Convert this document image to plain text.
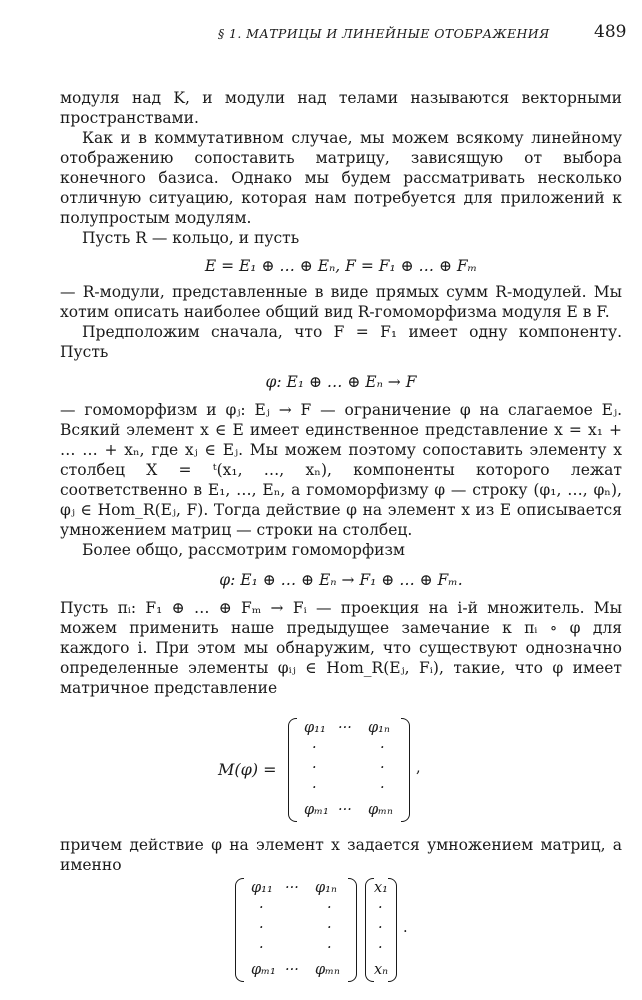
§ 1. МАТРИЦЫ И ЛИНЕЙНЫЕ ОТОБРАЖЕНИЯ	489

модуля над K, и модули над телами называются векторными пространствами.

Как и в коммутативном случае, мы можем всякому линейному отображению сопоставить матрицу, зависящую от выбора конечного базиса. Однако мы будем рассматривать несколько отличную ситуацию, которая нам потребуется для приложений к полупростым модулям.

Пусть R — кольцо, и пусть

E = E₁ ⊕ … ⊕ Eₙ, F = F₁ ⊕ … ⊕ Fₘ

— R-модули, представленные в виде прямых сумм R-модулей. Мы хотим описать наиболее общий вид R-гомоморфизма модуля E в F.

Предположим сначала, что F = F₁ имеет одну компоненту. Пусть

φ: E₁ ⊕ … ⊕ Eₙ → F

— гомоморфизм и φⱼ: Eⱼ → F — ограничение φ на слагаемое Eⱼ. Всякий элемент x ∈ E имеет единственное представление x = x₁ + … … + xₙ, где xⱼ ∈ Eⱼ. Мы можем поэтому сопоставить элементу x столбец X = ᵗ(x₁, …, xₙ), компоненты которого лежат соответственно в E₁, …, Eₙ, а гомоморфизму φ — строку (φ₁, …, φₙ), φⱼ ∈ Hom_R(Eⱼ, F). Тогда действие φ на элемент x из E описывается умножением матриц — строки на столбец.

Более общо, рассмотрим гомоморфизм

φ: E₁ ⊕ … ⊕ Eₙ → F₁ ⊕ … ⊕ Fₘ.

Пусть πᵢ: F₁ ⊕ … ⊕ Fₘ → Fᵢ — проекция на i-й множитель. Мы можем применить наше предыдущее замечание к πᵢ ∘ φ для каждого i. При этом мы обнаружим, что существуют однозначно определенные элементы φᵢⱼ ∈ Hom_R(Eⱼ, Fᵢ), такие, что φ имеет матричное представление

M(φ) =
φ₁₁ ··· φ₁ₙ
·	·
·	·
·	·
φₘ₁ ··· φₘₙ
,

причем действие φ на элемент x задается умножением матриц, а именно

φ₁₁ ··· φ₁ₙ
·	·
·	·
·	·
φₘ₁ ··· φₘₙ
x₁
·
·
·
xₙ
.
